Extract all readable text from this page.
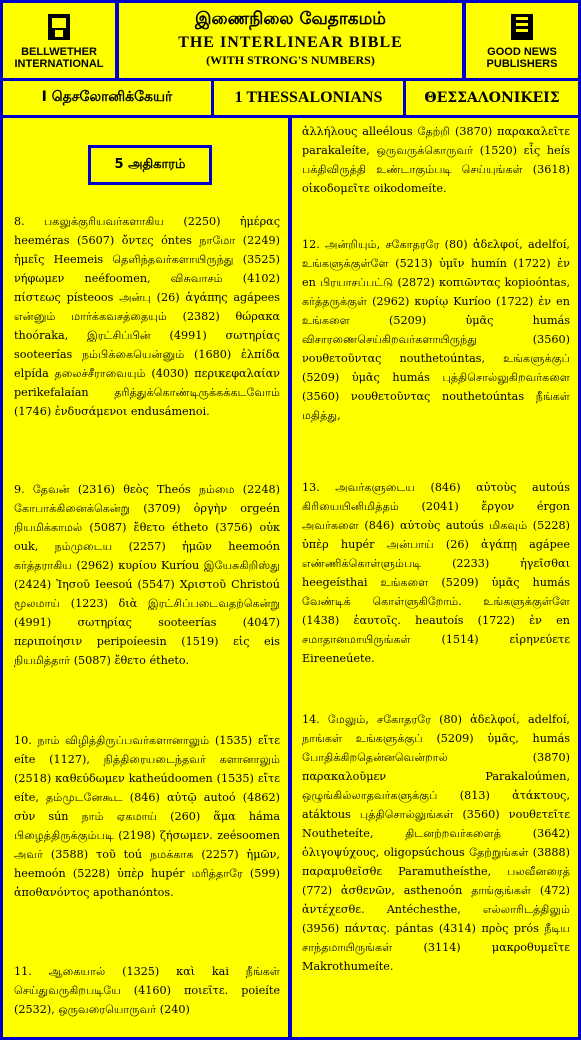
BELLWETHER INTERNATIONAL
இணைநிலை வேதாகமம்
THE INTERLINEAR BIBLE
(WITH STRONG'S NUMBERS)
GOOD NEWS PUBLISHERS
I தெசலோனிக்கேயர்	1 THESSALONIANS	ΘΕΣΣΑΛΟΝΙΚΕΙΣ
5 அதிகாரம்

8. பகலுக்குரியவர்களாகிய (2250) ἡμέρας heeméras (5607) ὄντες óntes நாமோ (2249) ἡμεῖς Heemeis தெளிந்தவர்களாயிருந்து (3525) νήφωμεν neéfoomen, விசுவாசம் (4102) πίστεως písteoos அன்பு (26) ἀγάπης agápees என்னும் மார்க்கவசத்தையும் (2382) θώρακα thoóraka, இரட்சிப்பின் (4991) σωτηρίας sooteerías நம்பிக்கையென்னும் (1680) ἐλπίδα elpída தலைச்சீராவையும் (4030) περικεφαλαίαν perikefalaían தரித்துக்கொண்டிருக்கக்கடவோம் (1746) ἐνδυσάμενοι endusámenoi.

9. தேவன் (2316) θεὸς Theós நம்மை (2248) கோபாக்கினைக்கென்று (3709) ὀργὴν orgeén நியமிக்காமல் (5087) ἔθετο étheto (3756) οὐκ ouk, நம்முடைய (2257) ἡμῶν heemoón கர்த்தராகிய (2962) κυρίου Kuríou இயேசுகிறிஸ்து (2424) Ἰησοῦ Ieesoú (5547) Χριστοῦ Christoú மூலமாய் (1223) διὰ இரட்சிப்படைவதற்கென்று (4991) σωτηρίας sooteerías (4047) περιποίησιν peripoíeesin (1519) εἰς eis நியமித்தார் (5087) ἔθετο étheto.

10. நாம் விழித்திருப்பவர்களானாலும் (1535) εἴτε eíte (1127), நித்திரையடைந்தவர் களானாலும் (2518) καθεύδωμεν katheúdoomen (1535) εἴτε eíte, தம்முடனேகூட (846) αὐτῷ autoó (4862) σὺν sún நாம் ஏகமாய் (260) ἅμα háma பிழைத்திருக்கும்படி (2198) ζήσωμεν. zeésoomen அவர் (3588) τοῦ toú நமக்காக (2257) ἡμῶν, heemoón (5228) ὑπὲρ hupér மரித்தாரே (599) ἀποθανόντος apothanóntos.

11. ஆகையால் (1325) καὶ kai நீங்கள் செய்துவருகிறபடியே (4160) ποιεῖτε. poieíte (2532), ஒருவரையொருவர் (240)

ἀλλήλους alleélous தேற்றி (3870) παρακαλεῖτε parakaleíte, ஒருவருக்கொருவர் (1520) εἷς heís பக்திவிருத்தி உண்டாகும்படி செய்யுங்கள் (3618) οἰκοδομεῖτε oikodomeíte.

12. அன்றியும், சகோதரரே (80) ἀδελφοί, adelfoí, உங்களுக்குள்ளே (5213) ὑμῖν humín (1722) ἐν en பிரயாசப்பட்டு (2872) κοπιῶντας kopioóntas, கர்த்தருக்குள் (2962) κυρίῳ Kuríoo (1722) ἐν en உங்களை (5209) ὑμᾶς humás விசாரணைசெய்கிறவர்களாயிருந்து (3560) νουθετοῦντας nouthetoúntas, உங்களுக்குப் (5209) ὑμᾶς humás புத்திசொல்லுகிறவர்களை (3560) νουθετοῦντας nouthetoúntas நீங்கள் மதித்து,

13. அவர்களுடைய (846) αὐτοὺς autoús கிரியையினிமித்தம் (2041) ἔργον érgon அவர்களை (846) αὐτοὺς autoús மிகவும் (5228) ὑπὲρ hupér அன்பாய் (26) ἀγάπῃ agápee எண்ணிக்கொள்ளும்படி (2233) ἡγεῖσθαι heegeísthai உங்களை (5209) ὑμᾶς humás வேண்டிக் கொள்ளுகிறோம். உங்களுக்குள்ளே (1438) ἑαυτοῖς. heautoís (1722) ἐν en சமாதானமாயிருங்கள் (1514) εἰρηνεύετε Eireeneúete.

14. மேலும், சகோதரரே (80) ἀδελφοί, adelfoí, நாங்கள் உங்களுக்குப் (5209) ὑμᾶς, humás போதிக்கிறதென்னவென்றால் (3870) παρακαλοῦμεν Parakaloúmen, ஒழுங்கில்லாதவர்களுக்குப் (813) ἀτάκτους, atáktous புத்திசொல்லுங்கள் (3560) νουθετεῖτε Noutheteíte, திடனற்றவர்களைத் (3642) ὀλιγοψύχους, oligopsúchous தேற்றுங்கள் (3888) παραμυθεῖσθε Paramutheísthe, பலவீனரைத் (772) ἀσθενῶν, asthenoón தாங்குங்கள் (472) ἀντέχεσθε. Antéchesthe, எல்லாரிடத்திலும் (3956) πάντας. pántas (4314) πρὸς prós நீடிய சாந்தமாயிருங்கள் (3114) μακροθυμεῖτε Makrothumeíte.
